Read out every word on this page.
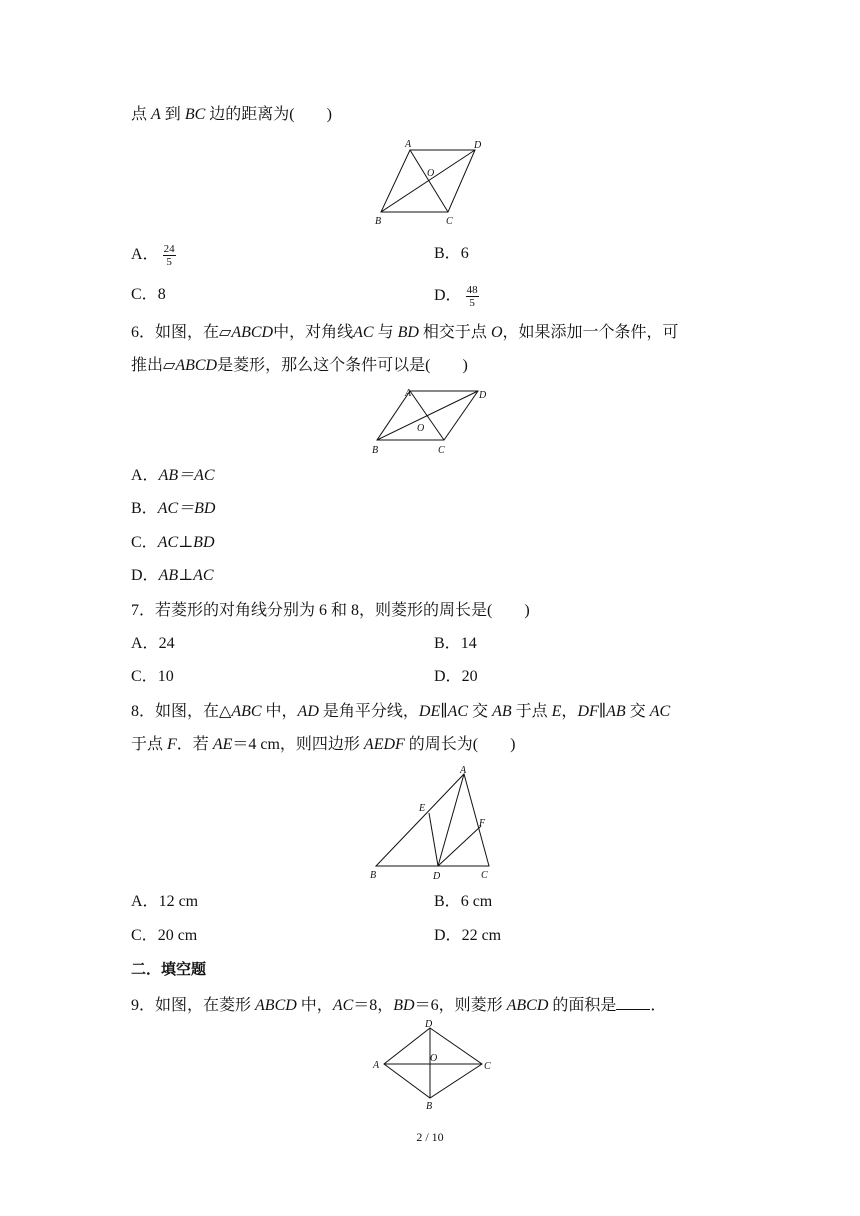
点 A 到 BC 边的距离为(　　)
A	D
O
B	C
A． $\frac{24}{5}$	B．6
C．8	D． $\frac{48}{5}$
6．如图，在▱ABCD中，对角线AC 与 BD 相交于点 O，如果添加一个条件，可
推出▱ABCD是菱形，那么这个条件可以是(　　)
A	D
O
B	C
A．AB＝AC
B．AC＝BD
C．AC⊥BD
D．AB⊥AC
7．若菱形的对角线分别为 6 和 8，则菱形的周长是(　　)
A．24	B．14
C．10	D．20
8．如图，在△ABC 中，AD 是角平分线，DE∥AC 交 AB 于点 E，DF∥AB 交 AC
于点 F．若 AE＝4 cm，则四边形 AEDF 的周长为(　　)
A
E
F
B	D	C
A．12 cm	B．6 cm
C．20 cm	D．22 cm
二．填空题
9．如图，在菱形 ABCD 中，AC＝8，BD＝6，则菱形 ABCD 的面积是 ．
D
A
O
C
B
2 / 10
